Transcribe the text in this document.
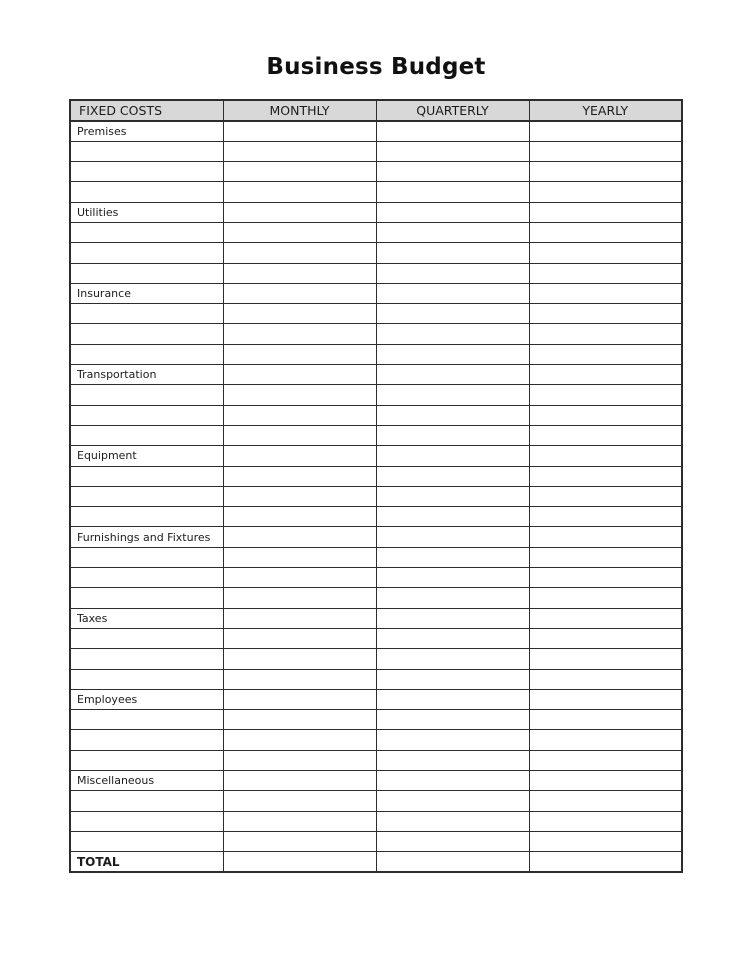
Business Budget
FIXED COSTS	MONTHLY	QUARTERLY	YEARLY
Premises			

Utilities			

Insurance			

Transportation			

Equipment			

Furnishings and Fixtures			

Taxes			

Employees			

Miscellaneous			

TOTAL			
